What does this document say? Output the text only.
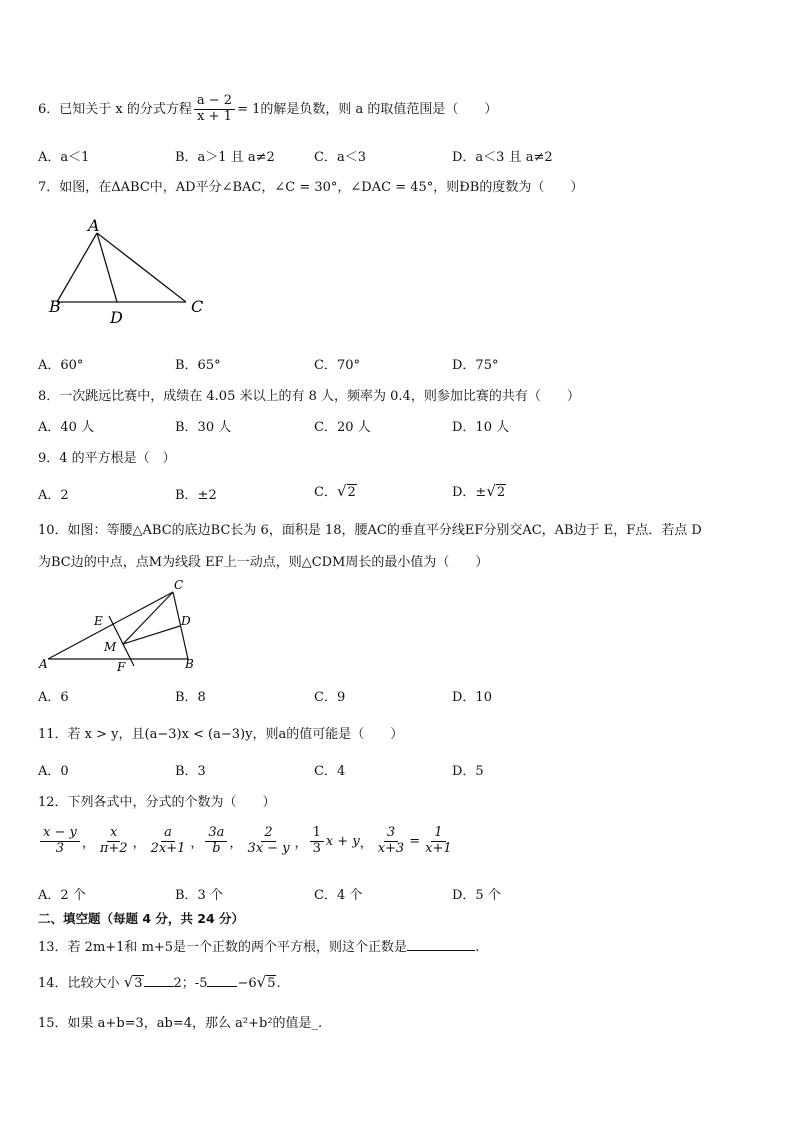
6．已知关于 x 的分式方程 $\frac{a - 2}{x + 1} = 1$的解是负数，则 a 的取值范围是（　　）
A．a＜1	B．a＞1 且 a≠2	C．a＜3	D．a＜3 且 a≠2
7．如图，在ΔABC中，AD平分∠BAC，∠C = 30°，∠DAC = 45°，则ÐB的度数为（　　）
A
B	C
D
A．60°	B．65°	C．70°	D．75°
8．一次跳远比赛中，成绩在 4.05 米以上的有 8 人，频率为 0.4，则参加比赛的共有（　　）
A．40 人	B．30 人	C．20 人	D．10 人
9．4 的平方根是（　）
A．2	B．±2	C．√2	D．±√2
10．如图：等腰△ABC的底边BC长为 6，面积是 18，腰AC的垂直平分线EF分别交AC，AB边于 E，F点．若点 D
为BC边的中点，点M为线段 EF上一动点，则△CDM周长的最小值为（　　）
C
E	D
M
A	F	B
A．6	B．8	C．9	D．10
11．若 x > y，且(a−3)x < (a−3)y，则a的值可能是（　　）
A．0	B．3	C．4	D．5
12．下列各式中，分式的个数为（　　）
$\frac{x - y}{3}$ ， $\frac{x}{\pi+2}$ ， $\frac{a}{2x+1}$ ， $\frac{3a}{b}$ ， $\frac{2}{3x - y}$ ， $\frac{1}{3}$ x + y ， $\frac{3}{x+3} = \frac{1}{x+1}$
A．2 个	B．3 个	C．4 个	D．5 个
二、填空题（每题 4 分，共 24 分）
13．若 2m+1和 m+5是一个正数的两个平方根，则这个正数是	.
14．比较大小 √3 2；-5 −6√5.
15．如果 a+b=3，ab=4，那么 a²+b²的值是_.
